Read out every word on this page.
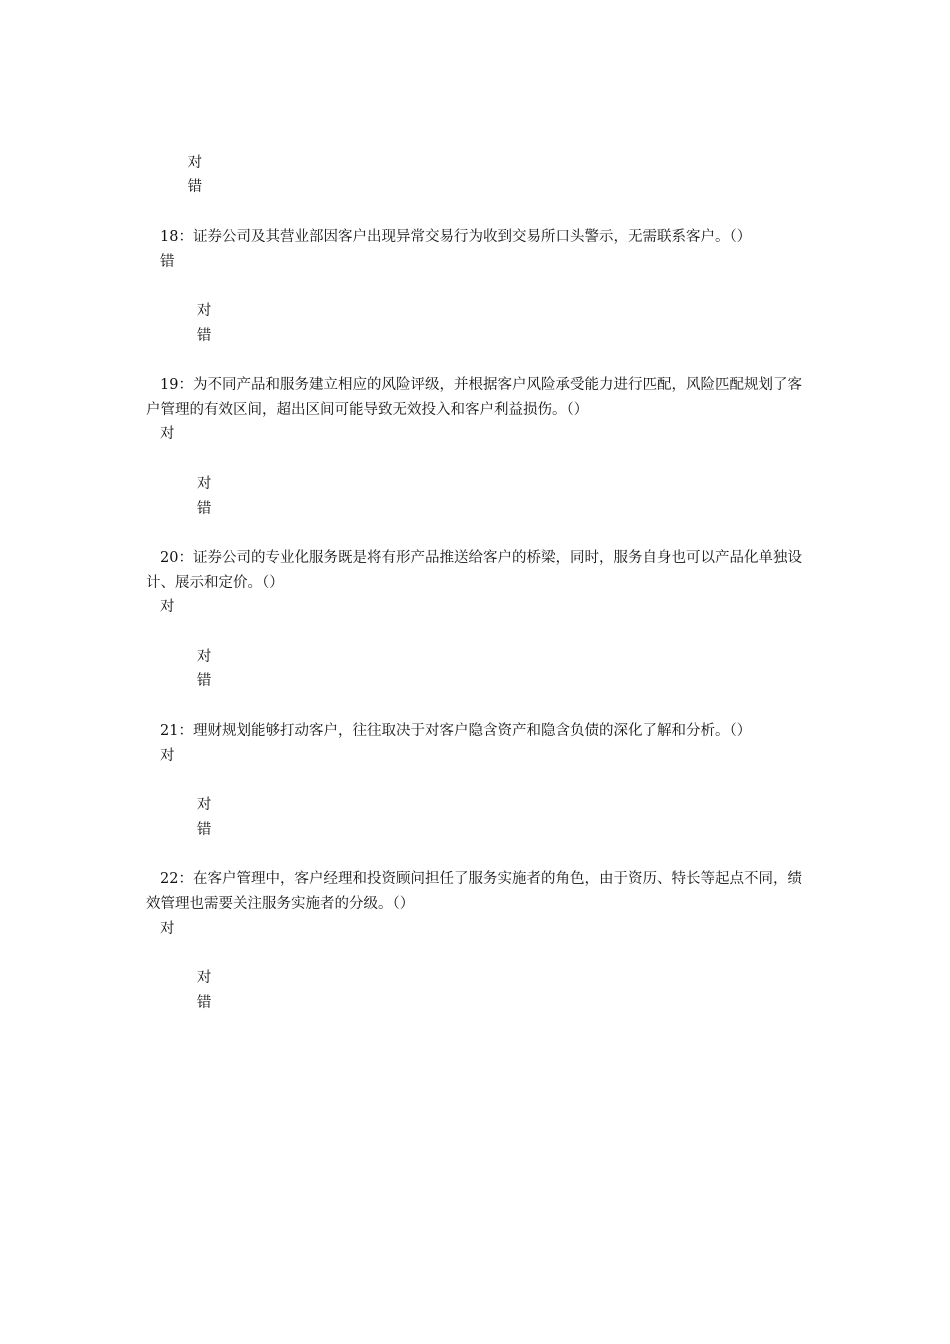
对
错

18：证券公司及其营业部因客户出现异常交易行为收到交易所口头警示，无需联系客户。（）
错

对
错

19：为不同产品和服务建立相应的风险评级，并根据客户风险承受能力进行匹配，风险匹配规划了客户管理的有效区间，超出区间可能导致无效投入和客户利益损伤。（）
对

对
错

20：证券公司的专业化服务既是将有形产品推送给客户的桥梁，同时，服务自身也可以产品化单独设计、展示和定价。（）
对

对
错

21：理财规划能够打动客户，往往取决于对客户隐含资产和隐含负债的深化了解和分析。（）
对

对
错

22：在客户管理中，客户经理和投资顾问担任了服务实施者的角色，由于资历、特长等起点不同，绩效管理也需要关注服务实施者的分级。（）
对

对
错
